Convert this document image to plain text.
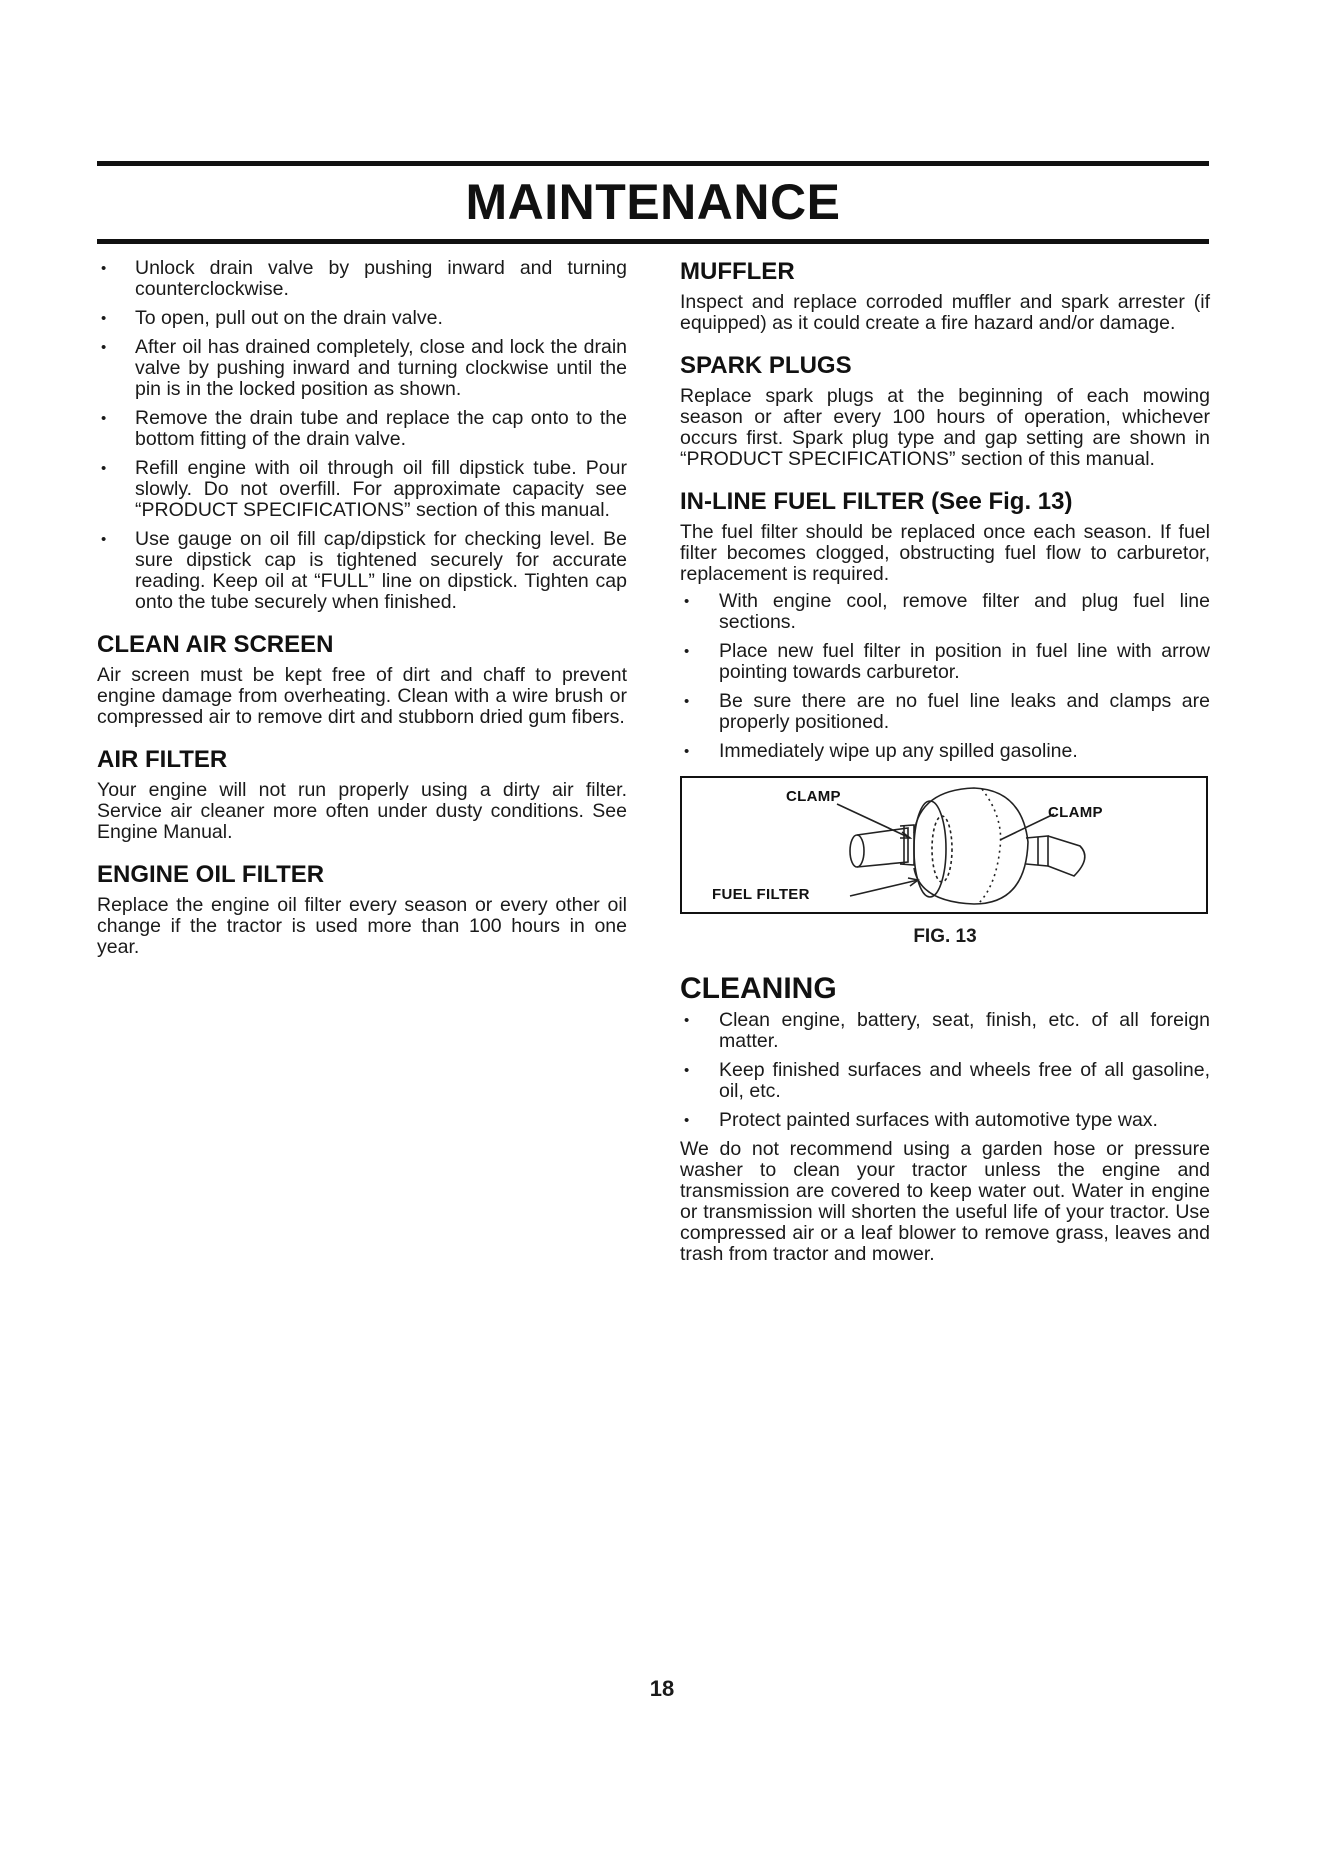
MAINTENANCE
• Unlock drain valve by pushing inward and turning counterclockwise.
• To open, pull out on the drain valve.
• After oil has drained completely, close and lock the drain valve by pushing inward and turning clockwise until the pin is in the locked position as shown.
• Remove the drain tube and replace the cap onto to the bottom fitting of the drain valve.
• Refill engine with oil through oil fill dipstick tube. Pour slowly. Do not overfill. For approximate capacity see “PRODUCT SPECIFICATIONS” section of this manual.
• Use gauge on oil fill cap/dipstick for checking level. Be sure dipstick cap is tightened securely for accurate reading. Keep oil at “FULL” line on dipstick. Tighten cap onto the tube securely when finished.
CLEAN AIR SCREEN

Air screen must be kept free of dirt and chaff to prevent engine damage from overheating. Clean with a wire brush or compressed air to remove dirt and stubborn dried gum fibers.

AIR FILTER

Your engine will not run properly using a dirty air filter. Service air cleaner more often under dusty conditions. See Engine Manual.

ENGINE OIL FILTER

Replace the engine oil filter every season or every other oil change if the tractor is used more than 100 hours in one year.

MUFFLER

Inspect and replace corroded muffler and spark arrester (if equipped) as it could create a fire hazard and/or damage.

SPARK PLUGS

Replace spark plugs at the beginning of each mowing season or after every 100 hours of operation, whichever occurs first. Spark plug type and gap setting are shown in “PRODUCT SPECIFICATIONS” section of this manual.

IN-LINE FUEL FILTER (See Fig. 13)

The fuel filter should be replaced once each season. If fuel filter becomes clogged, obstructing fuel flow to carburetor, replacement is required.

• With engine cool, remove filter and plug fuel line sections.
• Place new fuel filter in position in fuel line with arrow pointing towards carburetor.
• Be sure there are no fuel line leaks and clamps are properly positioned.
• Immediately wipe up any spilled gasoline.
CLAMP
CLAMP
FUEL FILTER

FIG. 13

CLEANING
• Clean engine, battery, seat, finish, etc. of all foreign matter.
• Keep finished surfaces and wheels free of all gasoline, oil, etc.
• Protect painted surfaces with automotive type wax.

We do not recommend using a garden hose or pressure washer to clean your tractor unless the engine and transmission are covered to keep water out. Water in engine or transmission will shorten the useful life of your tractor. Use compressed air or a leaf blower to remove grass, leaves and trash from tractor and mower.

18
